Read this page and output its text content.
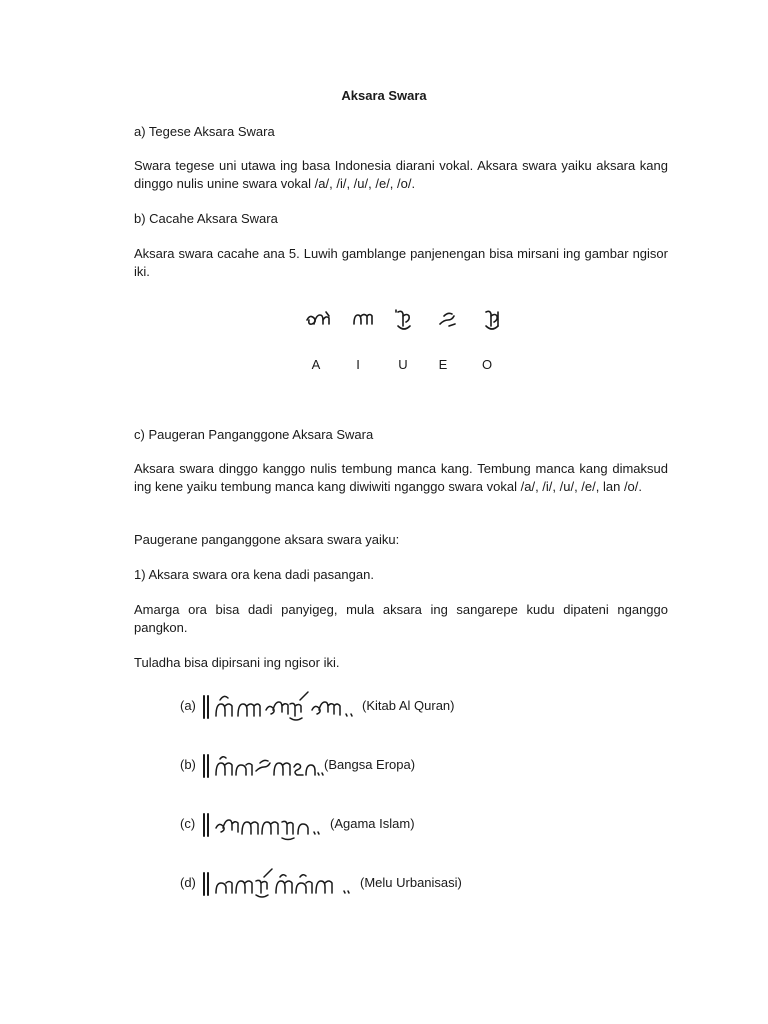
Aksara Swara
a) Tegese Aksara Swara
Swara tegese uni utawa ing basa Indonesia diarani vokal. Aksara swara yaiku aksara kang dinggo nulis unine swara vokal /a/, /i/, /u/, /e/, /o/.
b) Cacahe Aksara Swara
Aksara swara cacahe ana 5. Luwih gamblange panjenengan bisa mirsani ing gambar ngisor iki.
A	I	U	E	O
c) Paugeran Panganggone Aksara Swara
Aksara swara dinggo kanggo nulis tembung manca kang. Tembung manca kang dimaksud ing kene yaiku tembung manca kang diwiwiti nganggo swara vokal /a/, /i/, /u/, /e/, lan /o/.
Paugerane panganggone aksara swara yaiku:
1) Aksara swara ora kena dadi pasangan.
Amarga ora bisa dadi panyigeg, mula aksara ing sangarepe kudu dipateni nganggo pangkon.
Tuladha bisa dipirsani ing ngisor iki.
(a)	(Kitab Al Quran)
(b)	(Bangsa Eropa)
(c)	(Agama Islam)
(d)	(Melu Urbanisasi)
